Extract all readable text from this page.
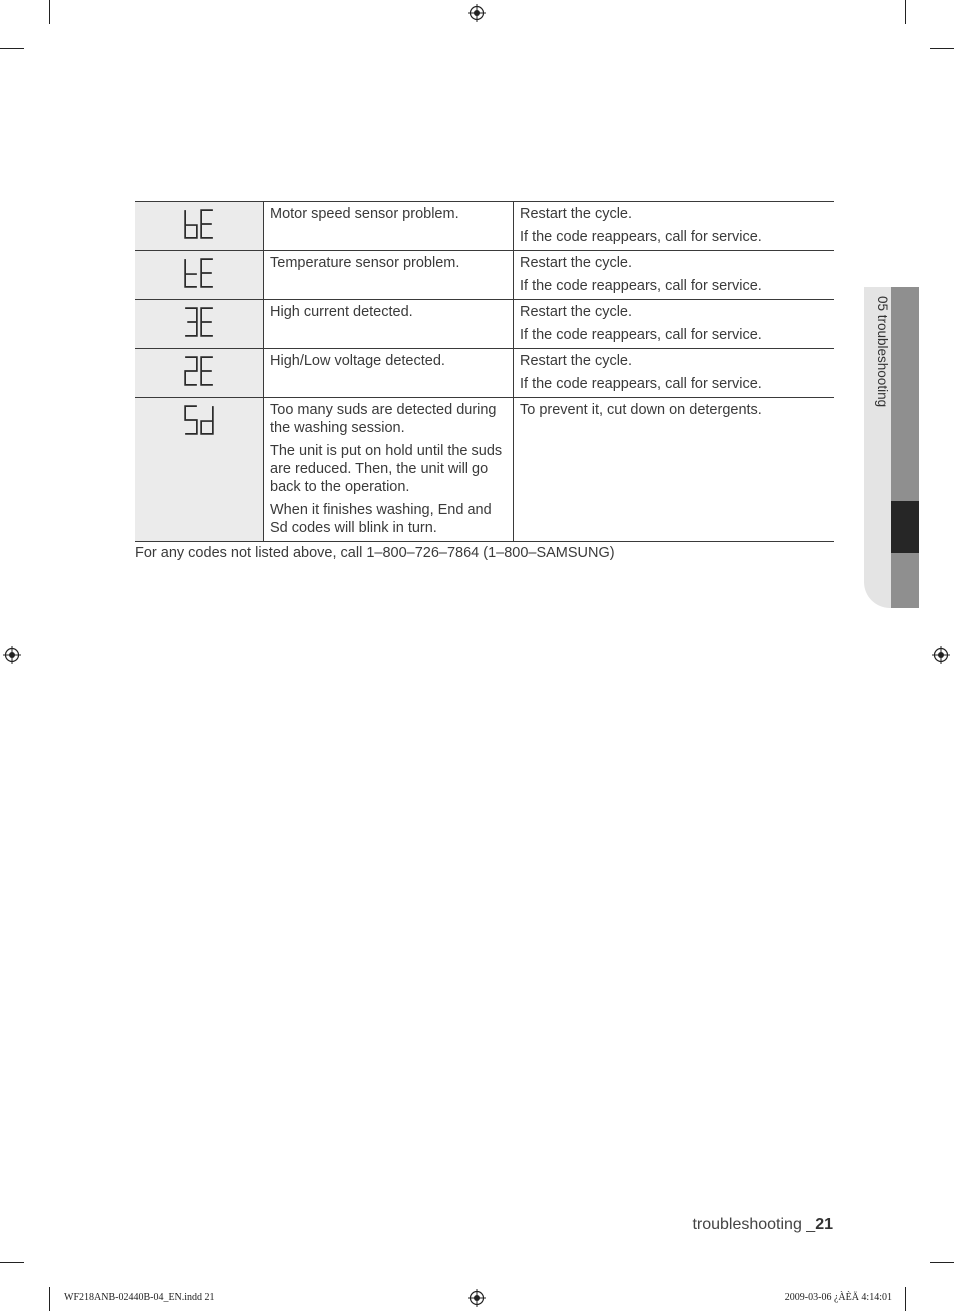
Motor speed sensor problem.	Restart the cycle.
If the code reappears, call for service.

Temperature sensor problem.	Restart the cycle.
If the code reappears, call for service.

High current detected.	Restart the cycle.
If the code reappears, call for service.

High/Low voltage detected.	Restart the cycle.
If the code reappears, call for service.

Too many suds are detected during the washing session.
The unit is put on hold until the suds are reduced. Then, the unit will go back to the operation.
When it finishes washing, End and Sd codes will blink in turn.	To prevent it, cut down on detergents.
For any codes not listed above, call 1–800–726–7864 (1–800–SAMSUNG)
05 troubleshooting
troubleshooting _21
WF218ANB-02440B-04_EN.indd 21	2009-03-06 ¿ÀÈÄ 4:14:01
